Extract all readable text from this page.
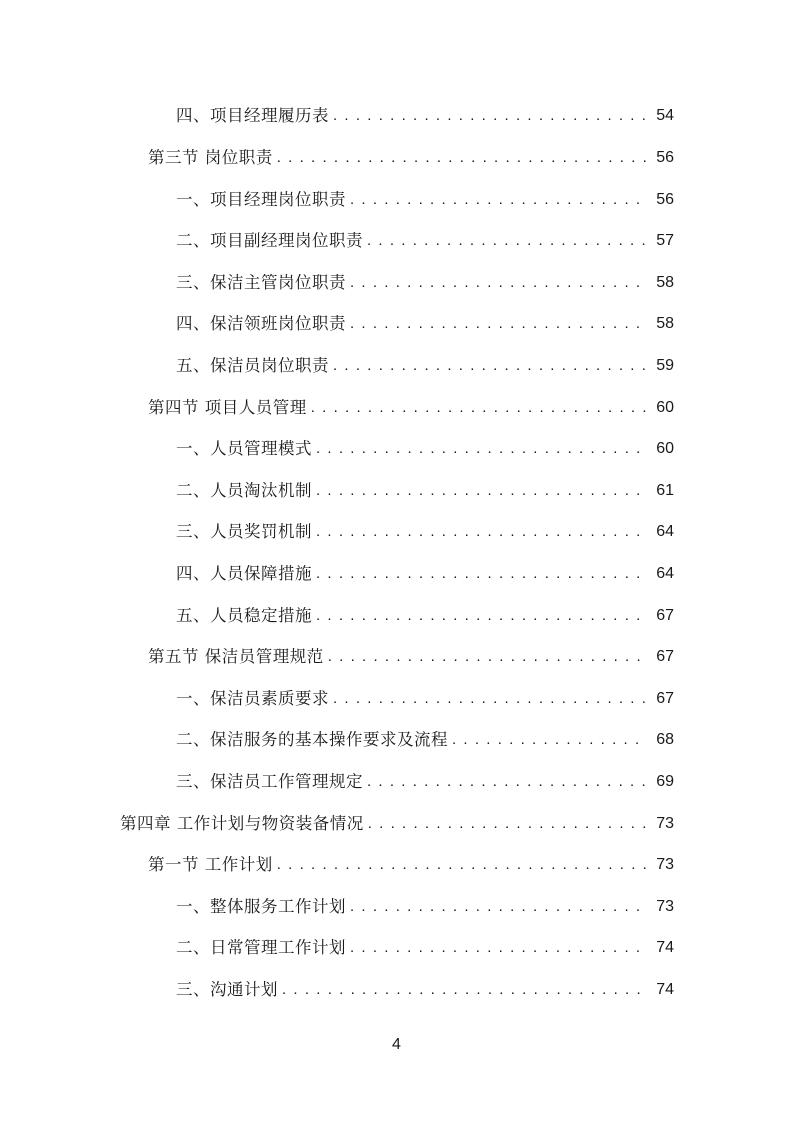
四、项目经理履历表 . . .	54
第三节 岗位职责 . . .	56
一、项目经理岗位职责 . . .	56
二、项目副经理岗位职责 . . .	57
三、保洁主管岗位职责 . . .	58
四、保洁领班岗位职责 . . .	58
五、保洁员岗位职责 . . .	59
第四节 项目人员管理 . . .	60
一、人员管理模式 . . .	60
二、人员淘汰机制 . . .	61
三、人员奖罚机制 . . .	64
四、人员保障措施 . . .	64
五、人员稳定措施 . . .	67
第五节 保洁员管理规范 . . .	67
一、保洁员素质要求 . . .	67
二、保洁服务的基本操作要求及流程 . . .	68
三、保洁员工作管理规定 . . .	69
第四章 工作计划与物资装备情况 . . .	73
第一节 工作计划 . . .	73
一、整体服务工作计划 . . .	73
二、日常管理工作计划 . . .	74
三、沟通计划 . . .	74
4
